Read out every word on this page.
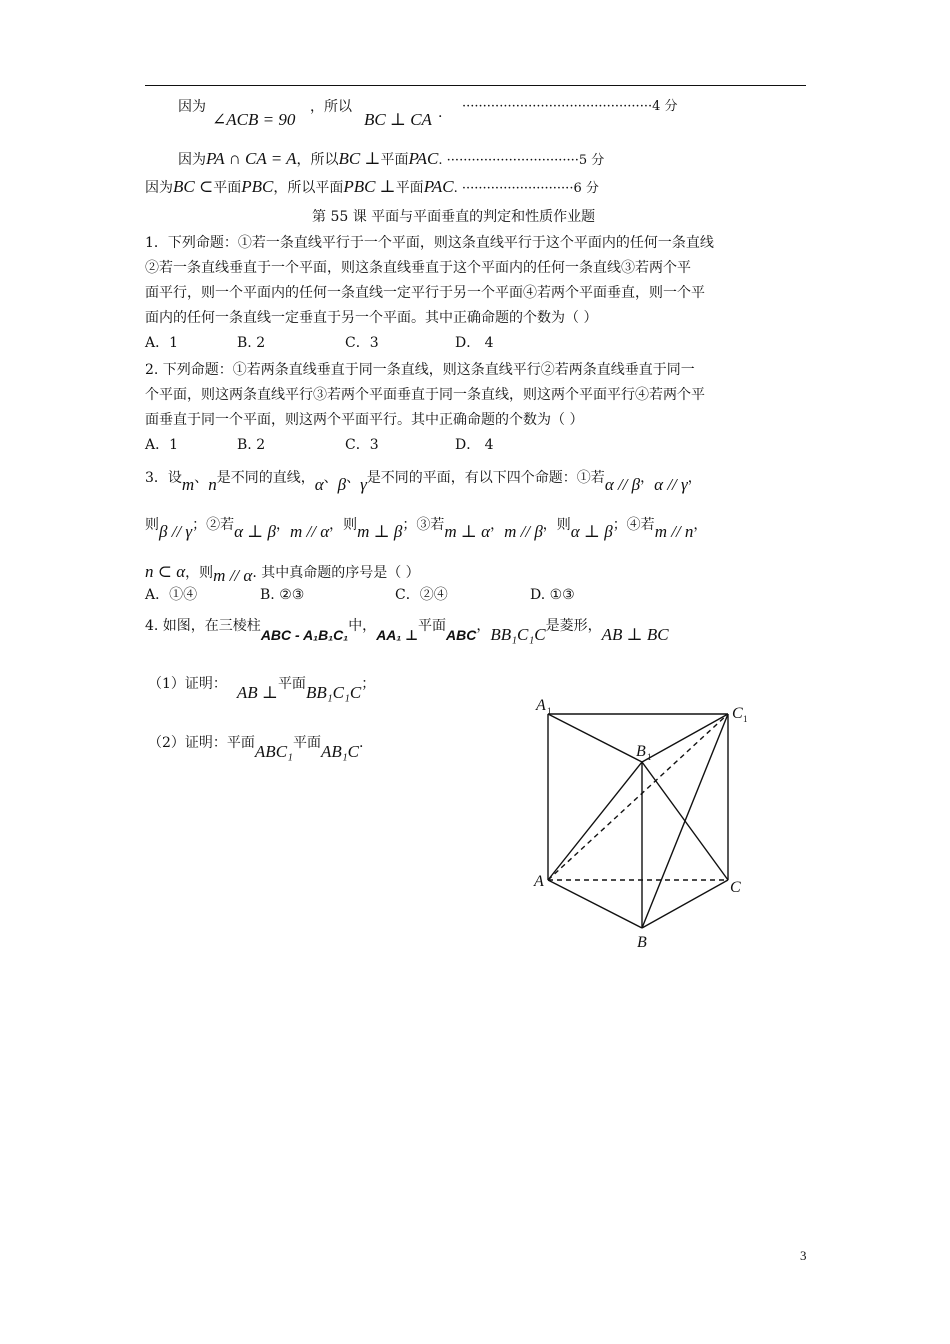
因为
∠ACB = 90
，所以
BC ⊥ CA . ··············································4 分
因为PA ∩ CA = A，所以BC ⊥平面PAC. ································5 分
因为BC ⊂平面PBC，所以平面PBC ⊥平面PAC. ···························6 分
第 55 课 平面与平面垂直的判定和性质作业题
1．下列命题：①若一条直线平行于一个平面，则这条直线平行于这个平面内的任何一条直线
②若一条直线垂直于一个平面，则这条直线垂直于这个平面内的任何一条直线③若两个平
面平行，则一个平面内的任何一条直线一定平行于另一个平面④若两个平面垂直，则一个平
面内的任何一条直线一定垂直于另一个平面。其中正确命题的个数为（ ）
A．1	B. 2	C．3	D． 4
2. 下列命题：①若两条直线垂直于同一条直线，则这条直线平行②若两条直线垂直于同一
个平面，则这两条直线平行③若两个平面垂直于同一条直线，则这两个平面平行④若两个平
面垂直于同一个平面，则这两个平面平行。其中正确命题的个数为（ ）
A．1	B. 2	C．3	D． 4
3．设m、n是不同的直线，α、β、γ是不同的平面，有以下四个命题：①若α // β，α // γ，
则β // γ；②若α ⊥ β，m // α，则m ⊥ β；③若m ⊥ α，m // β，则α ⊥ β；④若m // n，
n ⊂ α，则m // α. 其中真命题的序号是（ ）
A．①④	B. ②③	C．②④	D. ①③
4. 如图，在三棱柱ABC - A₁B₁C₁中，AA₁ ⊥平面ABC，BB₁C₁C是菱形，AB ⊥ BC
（1）证明： AB ⊥平面BB₁C₁C；
（2）证明：平面ABC₁平面AB₁C.
A 1	C 1
B 1
A	C
B
3
